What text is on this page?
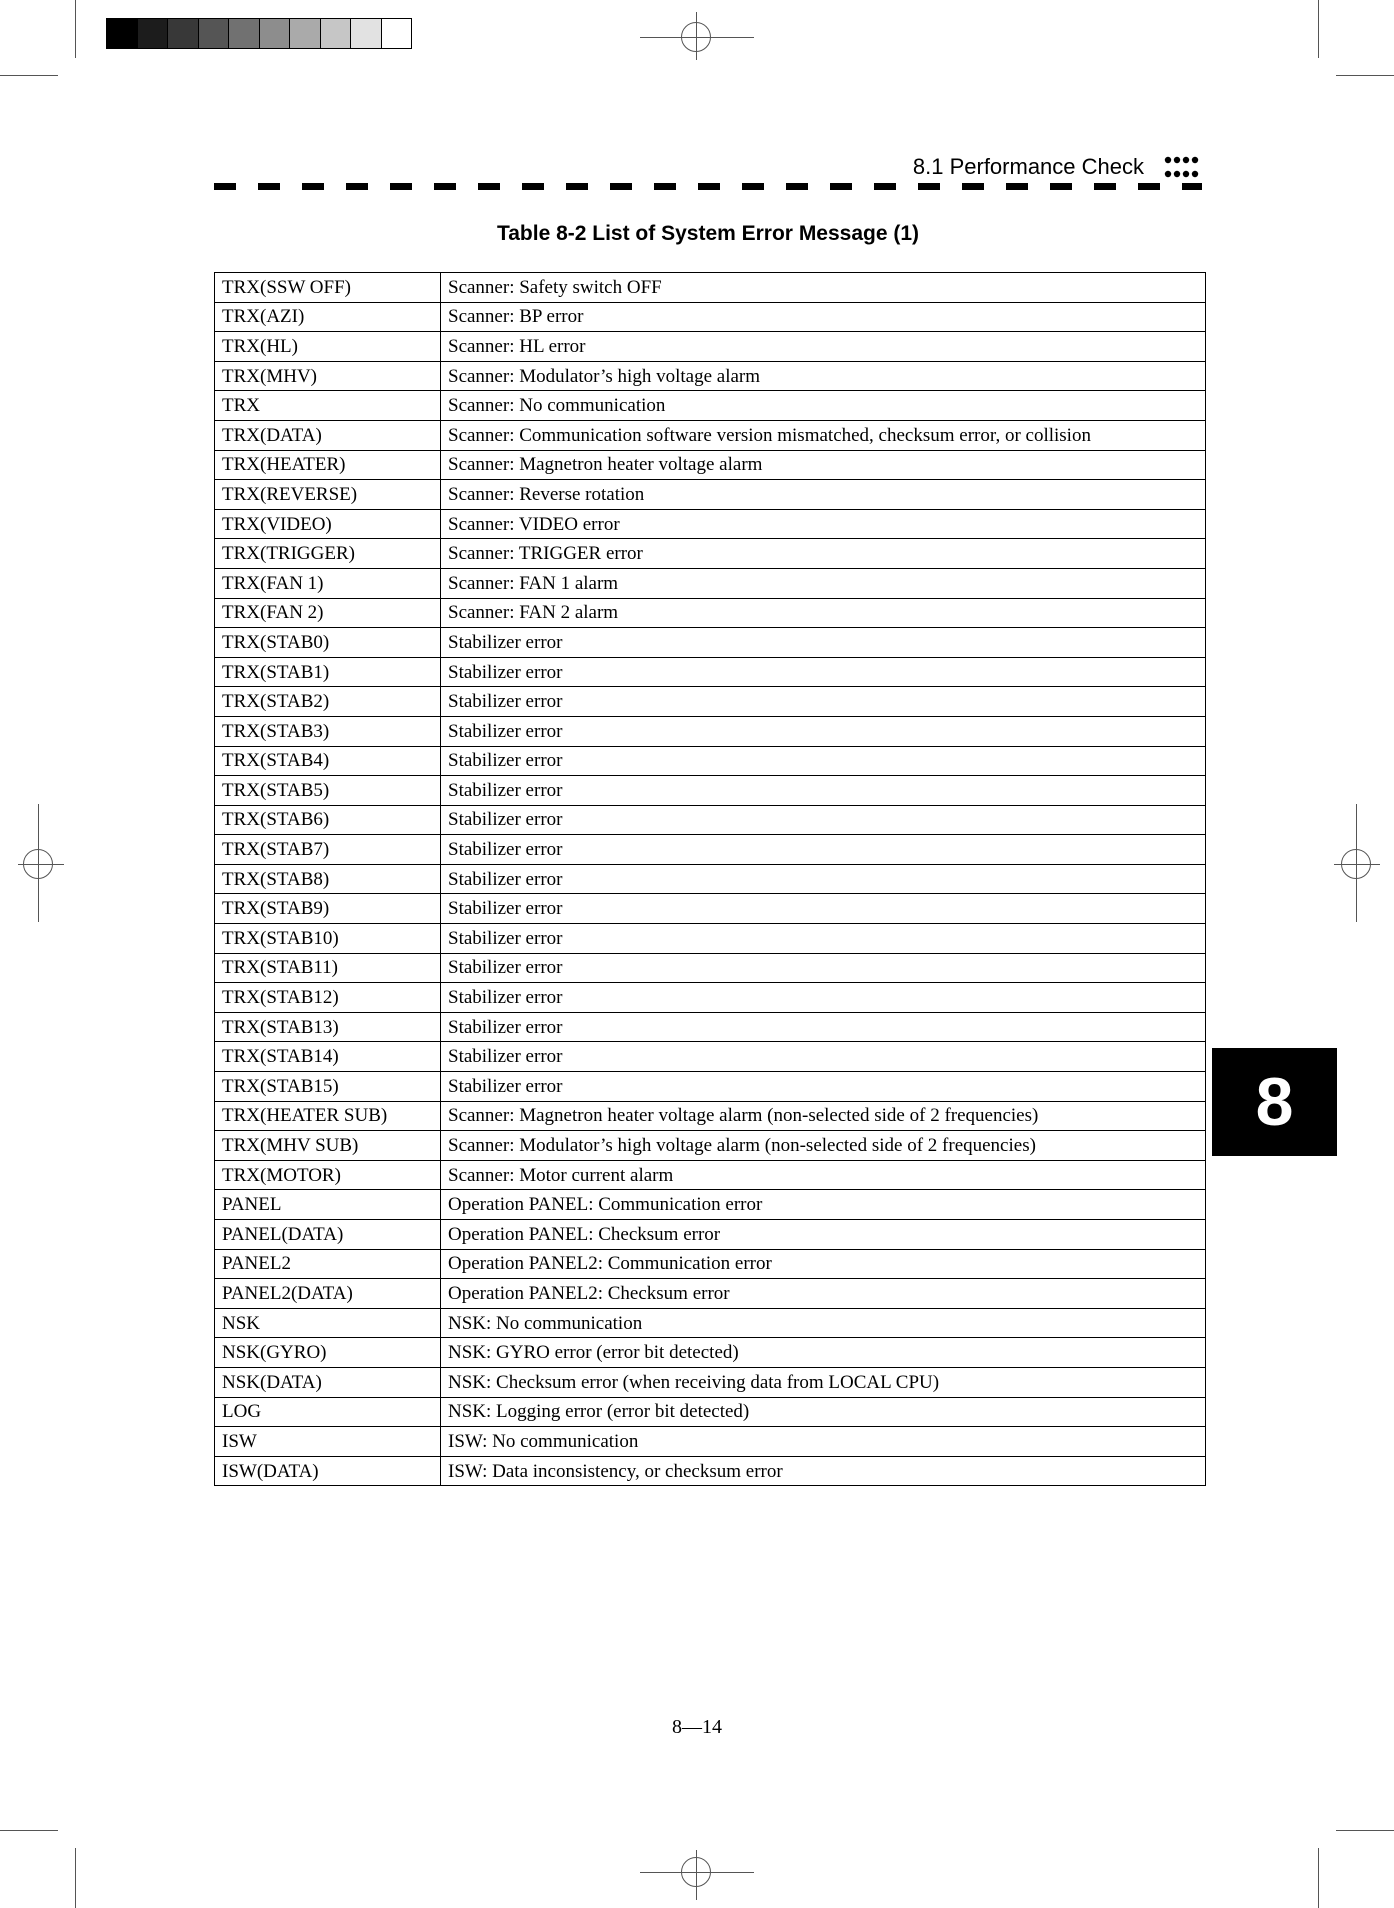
8.1 Performance Check
Table 8-2 List of System Error Message (1)
TRX(SSW OFF)	Scanner: Safety switch OFF
TRX(AZI)	Scanner: BP error
TRX(HL)	Scanner: HL error
TRX(MHV)	Scanner: Modulator’s high voltage alarm
TRX	Scanner: No communication
TRX(DATA)	Scanner: Communication software version mismatched, checksum error, or collision
TRX(HEATER)	Scanner: Magnetron heater voltage alarm
TRX(REVERSE)	Scanner: Reverse rotation
TRX(VIDEO)	Scanner: VIDEO error
TRX(TRIGGER)	Scanner: TRIGGER error
TRX(FAN 1)	Scanner: FAN 1 alarm
TRX(FAN 2)	Scanner: FAN 2 alarm
TRX(STAB0)	Stabilizer error
TRX(STAB1)	Stabilizer error
TRX(STAB2)	Stabilizer error
TRX(STAB3)	Stabilizer error
TRX(STAB4)	Stabilizer error
TRX(STAB5)	Stabilizer error
TRX(STAB6)	Stabilizer error
TRX(STAB7)	Stabilizer error
TRX(STAB8)	Stabilizer error
TRX(STAB9)	Stabilizer error
TRX(STAB10)	Stabilizer error
TRX(STAB11)	Stabilizer error
TRX(STAB12)	Stabilizer error
TRX(STAB13)	Stabilizer error
TRX(STAB14)	Stabilizer error
TRX(STAB15)	Stabilizer error
TRX(HEATER SUB)	Scanner: Magnetron heater voltage alarm (non-selected side of 2 frequencies)
TRX(MHV SUB)	Scanner: Modulator’s high voltage alarm (non-selected side of 2 frequencies)
TRX(MOTOR)	Scanner: Motor current alarm
PANEL	Operation PANEL: Communication error
PANEL(DATA)	Operation PANEL: Checksum error
PANEL2	Operation PANEL2: Communication error
PANEL2(DATA)	Operation PANEL2: Checksum error
NSK	NSK: No communication
NSK(GYRO)	NSK: GYRO error (error bit detected)
NSK(DATA)	NSK: Checksum error (when receiving data from LOCAL CPU)
LOG	NSK: Logging error (error bit detected)
ISW	ISW: No communication
ISW(DATA)	ISW: Data inconsistency, or checksum error
8
8—14
